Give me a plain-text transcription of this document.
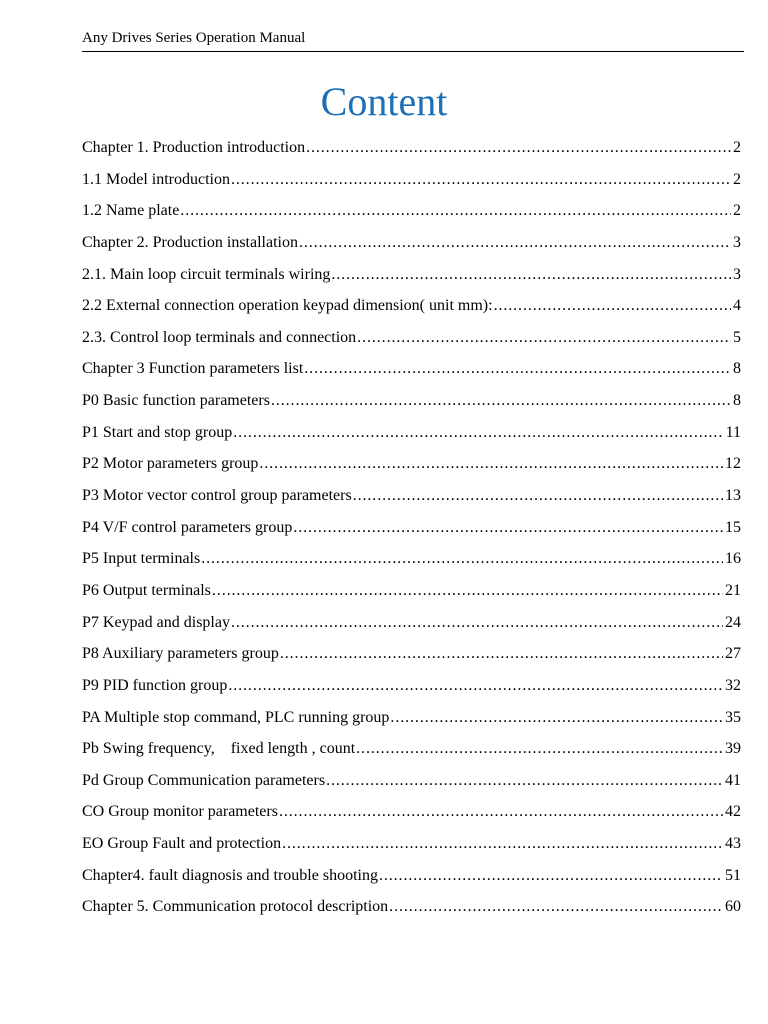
Any Drives Series Operation Manual
Content
Chapter 1. Production introduction .....	2
1.1 Model introduction .....	2
1.2 Name plate .....	2
Chapter 2. Production installation .....	3
2.1. Main loop circuit terminals wiring .....	3
2.2 External connection operation keypad dimension( unit mm): .....	4
2.3. Control loop terminals and connection .....	5
Chapter 3 Function parameters list .....	8
P0 Basic function parameters .....	8
P1 Start and stop group .....	11
P2 Motor parameters group .....	12
P3 Motor vector control group parameters .....	13
P4 V/F control parameters group .....	15
P5 Input terminals .....	16
P6 Output terminals .....	21
P7 Keypad and display .....	24
P8 Auxiliary parameters group .....	27
P9 PID function group .....	32
PA Multiple stop command, PLC running group .....	35
Pb Swing frequency,    fixed length , count .....	39
Pd Group Communication parameters .....	41
CO Group monitor parameters .....	42
EO Group Fault and protection .....	43
Chapter4. fault diagnosis and trouble shooting .....	51
Chapter 5. Communication protocol description .....	60
